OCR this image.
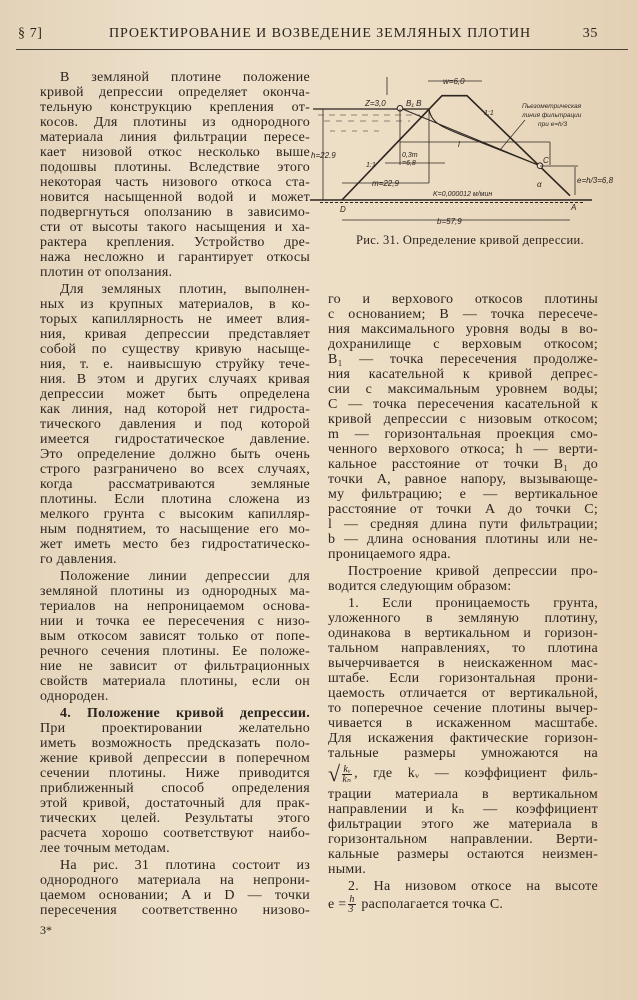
§ 7]	ПРОЕКТИРОВАНИЕ И ВОЗВЕДЕНИЕ ЗЕМЛЯНЫХ ПЛОТИН	35
В земляной плотине положение
кривой депрессии определяет оконча-
тельную конструкцию крепления от-
косов. Для плотины из однородного
материала линия фильтрации пересе-
кает низовой откос несколько выше
подошвы плотины. Вследствие этого
некоторая часть низового откоса ста-
новится насыщенной водой и может
подвергнуться оползанию в зависимо-
сти от высоты такого насыщения и ха-
рактера крепления. Устройство дре-
нажа несложно и гарантирует откосы
плотин от оползания.
Для земляных плотин, выполнен-
ных из крупных материалов, в ко-
торых капиллярность не имеет влия-
ния, кривая депрессии представляет
собой по существу кривую насыще-
ния, т. е. наивысшую струйку тече-
ния. В этом и других случаях кривая
депрессии может быть определена
как линия, над которой нет гидроста-
тического давления и под которой
имеется гидростатическое давление.
Это определение должно быть очень
строго разграничено во всех случаях,
когда рассматриваются земляные
плотины. Если плотина сложена из
мелкого грунта с высоким капилляр-
ным поднятием, то насыщение его мо-
жет иметь место без гидростатическо-
го давления.
Положение линии депрессии для
земляной плотины из однородных ма-
териалов на непроницаемом основа-
нии и точка ее пересечения с низо-
вым откосом зависят только от попе-
речного сечения плотины. Ее положе-
ние не зависит от фильтрационных
свойств материала плотины, если он
однороден.
4. Положение кривой депрессии.
При проектировании желательно
иметь возможность предсказать поло-
жение кривой депрессии в поперечном
сечении плотины. Ниже приводится
приближенный способ определения
этой кривой, достаточный для прак-
тических целей. Результаты этого
расчета хорошо соответствуют наибо-
лее точным методам.
На рис. 31 плотина состоит из
однородного материала на непрони-
цаемом основании; A и D — точки
пересечения соответственно низово-
го и верхового откосов плотины
с основанием; B — точка пересече-
ния максимального уровня воды в во-
дохранилище с верховым откосом;
B₁ — точка пересечения продолже-
ния касательной к кривой депрес-
сии с максимальным уровнем воды;
C — точка пересечения касательной к
кривой депрессии с низовым откосом;
m — горизонтальная проекция смо-
ченного верхового откоса; h — верти-
кальное расстояние от точки B₁ до
точки A, равное напору, вызывающе-
му фильтрацию; e — вертикальное
расстояние от точки A до точки C;
l — средняя длина пути фильтрации;
b — длина основания плотины или не-
проницаемого ядра.
Построение кривой депрессии про-
водится следующим образом:
1. Если проницаемость грунта,
уложенного в земляную плотину,
одинакова в вертикальном и горизон-
тальном направлениях, то плотина
вычерчивается в неискаженном мас-
штабе. Если горизонтальная прони-
цаемость отличается от вертикальной,
то поперечное сечение плотины вычер-
чивается в искаженном масштабе.
Для искажения фактические горизон-
тальные размеры умножаются на
√ $\frac{\text{kᵥ}}{\text{kₙ}}$ , где kᵥ — коэффициент филь-
трации материала в вертикальном
направлении и kₙ — коэффициент
фильтрации этого же материала в
горизонтальном направлении. Верти-
кальные размеры остаются неизмен-
ными.
2. На низовом откосе на высоте
$e = \frac{h}{3}$ располагается точка C.
w=6,0
Z=3,0	B₁ B
1:1
1:1
Пьезометрическая
линия фильтрации
при e=h/3
h=22.9
l
0,3m
=6,8
m=22,9
K=0,000012 м/мин
C
e=h/3=6,8
α
D	A
b=57,9
Рис. 31. Определение кривой депрессии.
3*
